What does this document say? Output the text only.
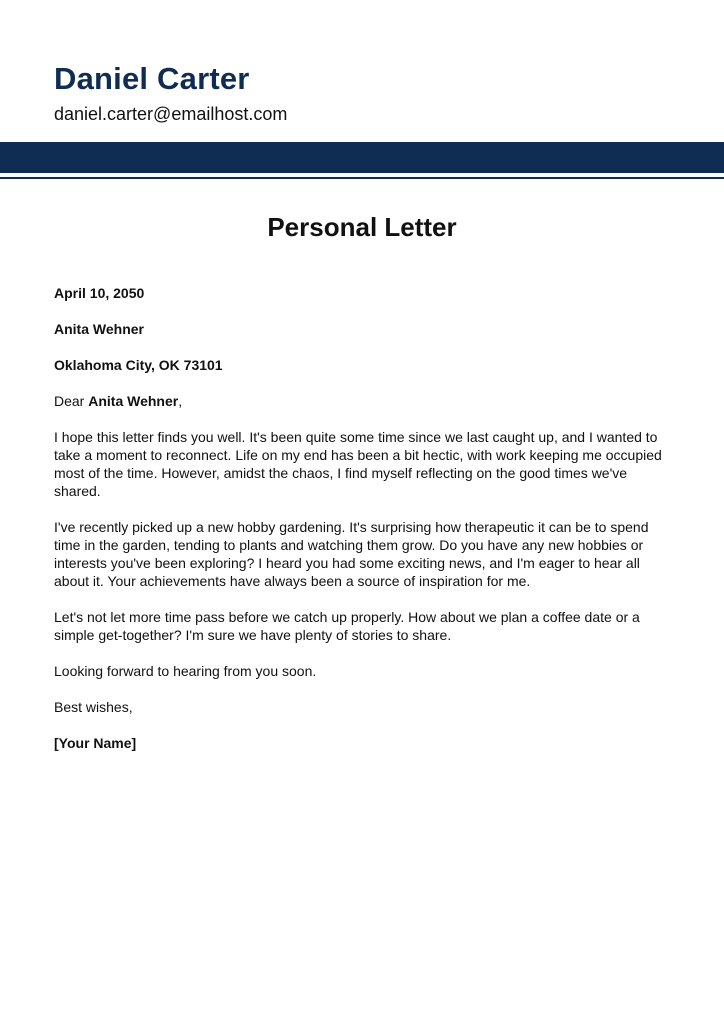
Daniel Carter
daniel.carter@emailhost.com
Personal Letter

April 10, 2050

Anita Wehner

Oklahoma City, OK 73101

Dear Anita Wehner,

I hope this letter finds you well. It's been quite some time since we last caught up, and I wanted to take a moment to reconnect. Life on my end has been a bit hectic, with work keeping me occupied most of the time. However, amidst the chaos, I find myself reflecting on the good times we've shared.

I've recently picked up a new hobby gardening. It's surprising how therapeutic it can be to spend time in the garden, tending to plants and watching them grow. Do you have any new hobbies or interests you've been exploring? I heard you had some exciting news, and I'm eager to hear all about it. Your achievements have always been a source of inspiration for me.

Let's not let more time pass before we catch up properly. How about we plan a coffee date or a simple get-together? I'm sure we have plenty of stories to share.

Looking forward to hearing from you soon.

Best wishes,

[Your Name]
